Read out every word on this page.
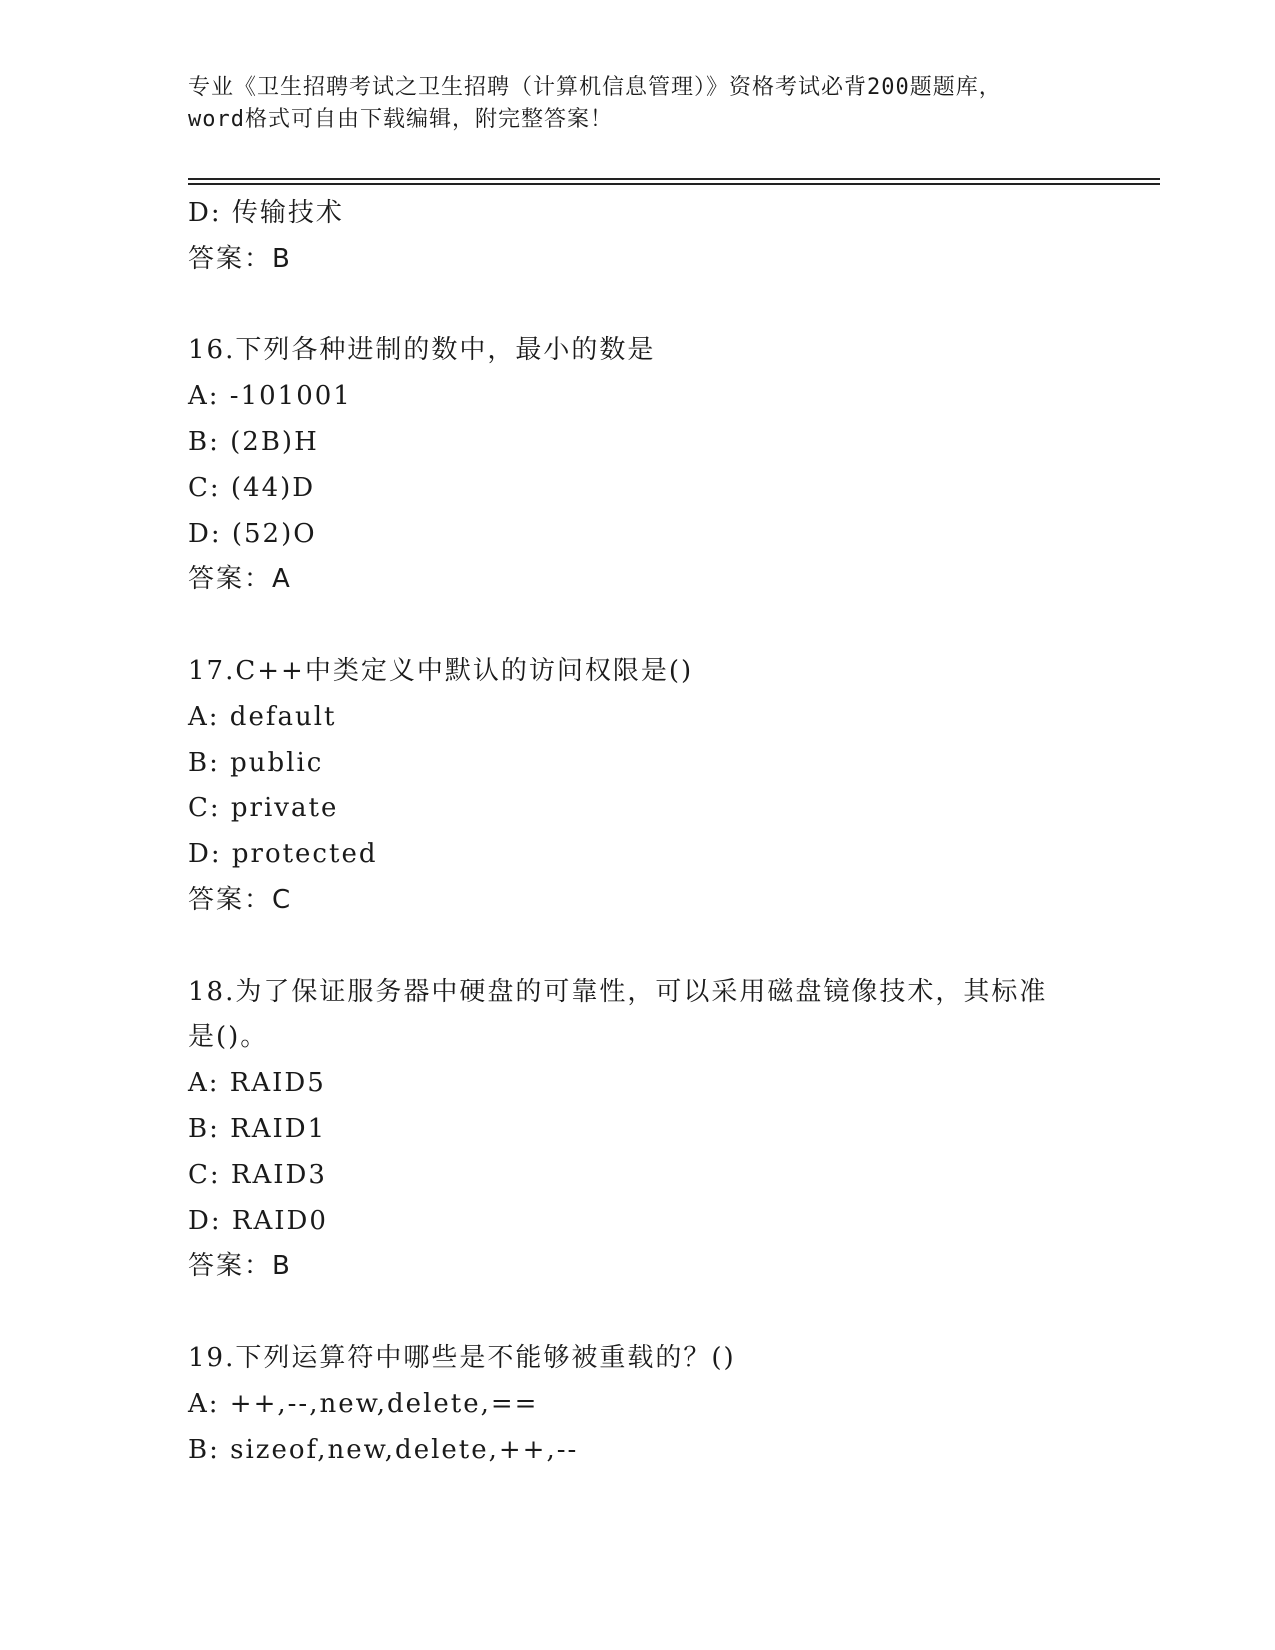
专业《卫生招聘考试之卫生招聘（计算机信息管理）》资格考试必背200题题库，
word格式可自由下载编辑，附完整答案！
D: 传输技术
答案：B
16.下列各种进制的数中，最小的数是
A: -101001
B: (2B)H
C: (44)D
D: (52)O
答案：A
17.C++中类定义中默认的访问权限是()
A: default
B: public
C: private
D: protected
答案：C
18.为了保证服务器中硬盘的可靠性，可以采用磁盘镜像技术，其标准
是()。
A: RAID5
B: RAID1
C: RAID3
D: RAID0
答案：B
19.下列运算符中哪些是不能够被重载的？()
A: ++,--,new,delete,==
B: sizeof,new,delete,++,--
